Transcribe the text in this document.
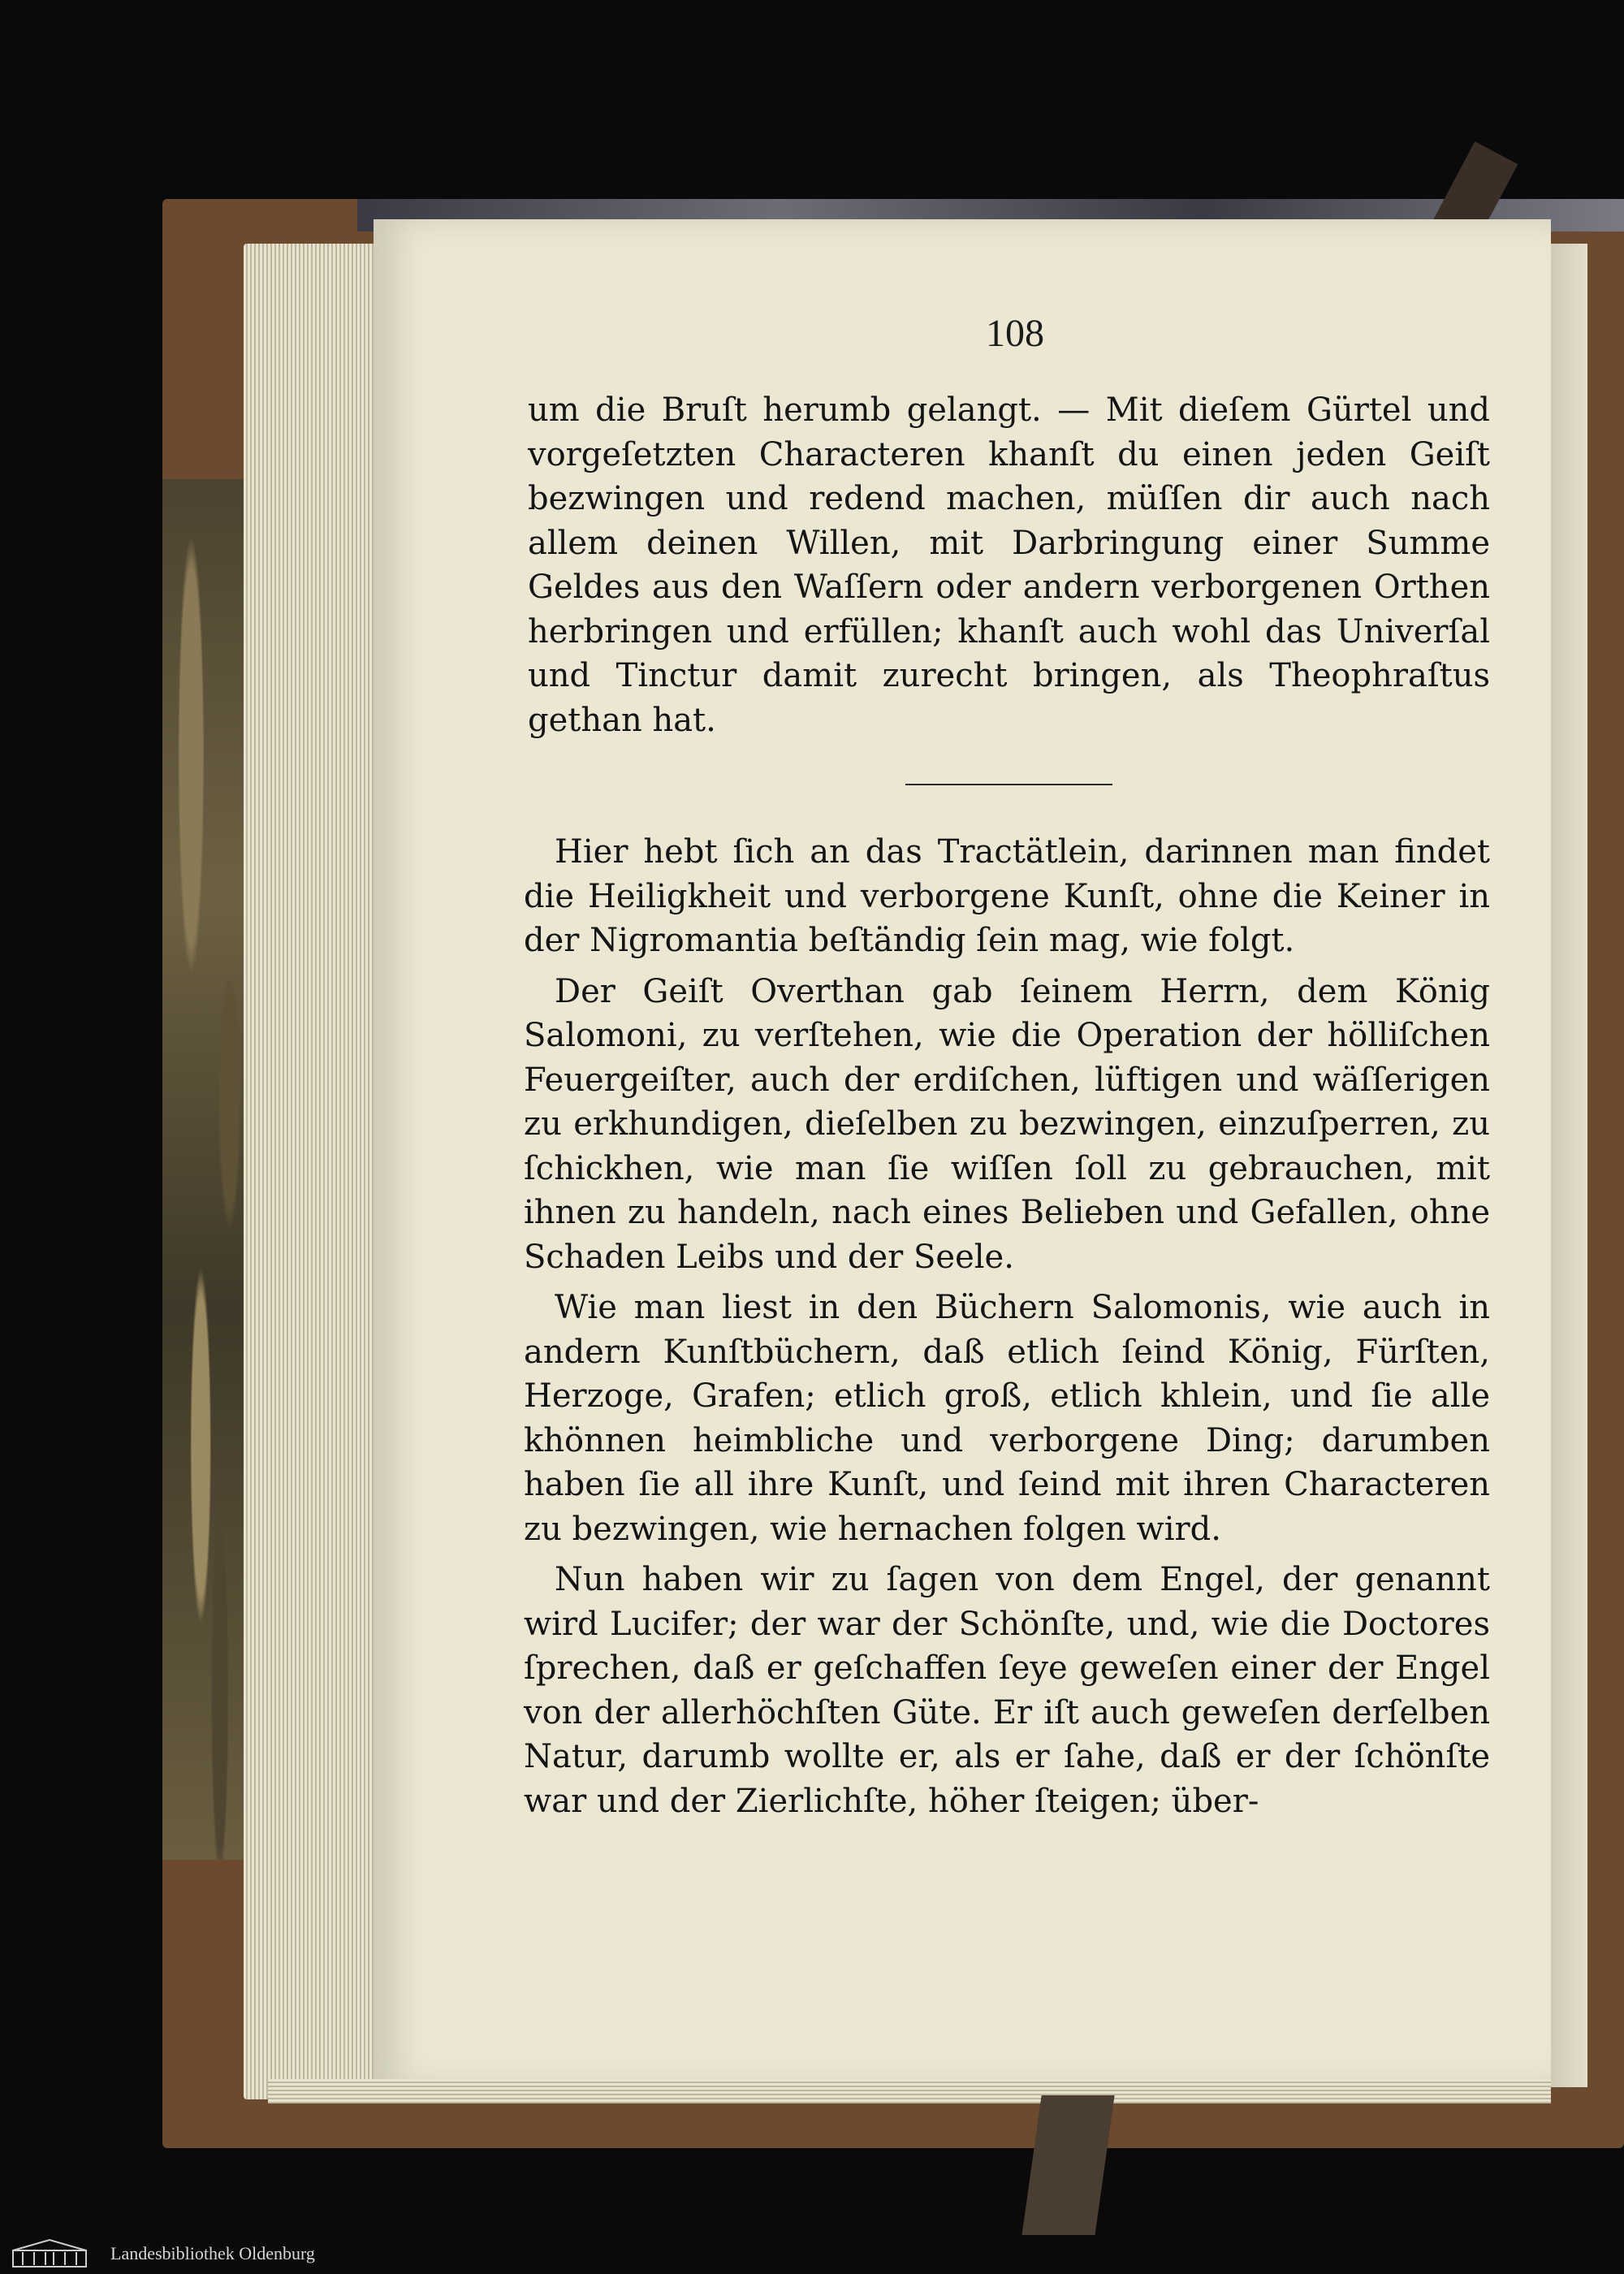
108

um die Bruſt herumb gelangt. — Mit dieſem Gürtel und vorgeſetzten Characteren khanſt du einen jeden Geiſt bezwingen und redend machen, müſſen dir auch nach allem deinen Willen, mit Darbringung einer Summe Geldes aus den Waſſern oder andern verborgenen Orthen herbringen und erfüllen; khanſt auch wohl das Univerſal und Tinctur damit zurecht bringen, als Theophraſtus gethan hat.

Hier hebt ſich an das Tractätlein, darinnen man findet die Heiligkheit und verborgene Kunſt, ohne die Keiner in der Nigromantia beſtändig ſein mag, wie folgt.

Der Geiſt Overthan gab ſeinem Herrn, dem König Salomoni, zu verſtehen, wie die Operation der hölliſchen Feuergeiſter, auch der erdiſchen, lüftigen und wäſſerigen zu erkhundigen, dieſelben zu bezwingen, einzuſperren, zu ſchickhen, wie man ſie wiſſen ſoll zu gebrauchen, mit ihnen zu handeln, nach eines Belieben und Gefallen, ohne Schaden Leibs und der Seele.

Wie man liest in den Büchern Salomonis, wie auch in andern Kunſtbüchern, daß etlich ſeind König, Fürſten, Herzoge, Grafen; etlich groß, etlich khlein, und ſie alle khönnen heimbliche und verborgene Ding; darumben haben ſie all ihre Kunſt, und ſeind mit ihren Characteren zu bezwingen, wie hernachen folgen wird.

Nun haben wir zu ſagen von dem Engel, der genannt wird Lucifer; der war der Schönſte, und, wie die Doctores ſprechen, daß er geſchaffen ſeye geweſen einer der Engel von der allerhöchſten Güte. Er iſt auch geweſen derſelben Natur, darumb wollte er, als er ſahe, daß er der ſchönſte war und der Zierlichſte, höher ſteigen; über-

Landesbibliothek Oldenburg
